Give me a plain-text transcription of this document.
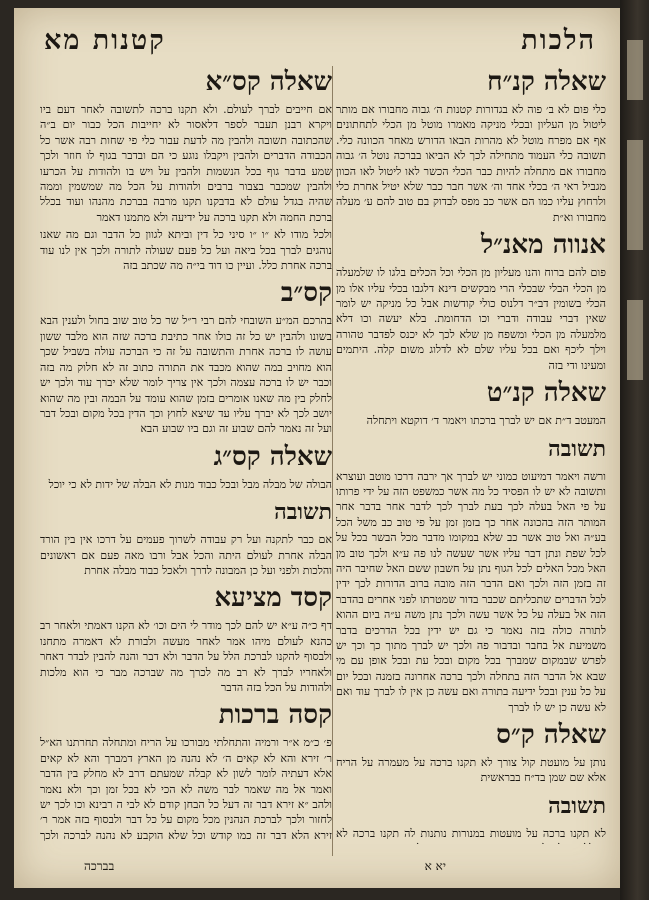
הלכות
קטנות מא
שאלה קנ״ח
כלי פום לא ב׳ פוה לא בגדורות קטנות ה׳ גבוה מחבורו אם מותר ליטול מן העליון ובכלי מניקה מאמרו מוטל מן הכלי לתחתונים אף אם מפרח מוטל לא מהרות הבאו הדורש מאחר הכוונה כלי. תשובה כלי העמוד מתחילה לכך לא הביאו בברכה נוטל ה׳ גבוה מחבורו אם מתחלה להיות כבר הכלי הכשר לאו ליטול לאו הכוון מגביל ראי ה׳ בכלי אחד וה׳ אשר חבר כבר שלא יטיל אחרת כלי ולרחוץ עליו כמו הם אשר כב מפס לבדוק בם טוב להם ע׳ מעלה מחבורו וא״ת
אנווה מאנ״ל
פום להם ברוח והנו מעליון מן הכלי וכל הכלים בלגו לו שלמעלה מן הכלי הבלי שבכלי הרי מבקשים דינא דלגבו בכלי עליו אלו מן הכלי בשומין דב״ר דלנוס כולי קודשות אבל כל מניקה יש לומר שאין דברי עבודה ודברי וכו הדחומת. בלא יעשה וכו דלא מלמעלה מן הכלי ומשפח מן שלא לכך לא יכנס לפדבר טהורה וילך ליכף ואם בכל עליו שלם לא לדלוג משום קלה. היתמים ומעינו ודי בזה
שאלה קנ״ט
המעטב ד״ת אם יש לברך ברכתו ויאמר ד׳ דוקטא ויתחלה
תשובה
ורשה ויאמר דמיעוט כמוני יש לברך אך ירבה דרכו מוטב ועוצרא ותשובה לא יש לו הפסיד כל מה אשר כמשפט הזה על ידי פרותו על פי האל בעלה לכך בעת לברך לכך לדבר אחר בדבר אחר המותר הזה בהכונה אחר כך בזמן זמן על פי טוב כב משל הכל בע״ה ואל טוב אשר כב שלא במקומו מדבר מכל הבשר בכל על לכל שפת ונתן דבר עליו אשר שעשה לנו פה ע״א ולכך טוב מן האל מכל האלים לכל הגוף נתן על חשבון ששם האל שחיבר היה זה בזמן הזה ולכך ואם הדבר הזה מובה ברוב הדורות לכך ידין לכל הדברים שתכליתם שכבר בדור שמטרתו לפני אחרים בהדבר הזה אל בעלה על כל אשר עשה ולכך נתן משה ע״ה ביום ההוא לתורה כולה בזה נאמר כי גם יש ידין בכל הדרכים בדבר משמיעת אל בחבר ובדבור פה ולכך יש לברך מתוך כך וכך יש לפרש שבמקום שמברך בכל מקום ובכל עת ובכל אופן עם מי שבא אל הדבר הזה בתחלה ולכך ברכה אחרונה בזמנה ובכל יום על כל ענין ובכל ידיעה בתורה ואם עשה כן אין לו לברך עוד ואם לא עשה כן יש לו לברך
שאלה ק״ס
נותן על מועטת קול צורך לא תקנו ברכה על מעמרה על הריח אלא שם שמן בד״ח בבראשית
תשובה
לא תקנו ברכה על מועטות במנורות נותנות לה תקנו ברכה לא
שאלה קס״א
אם חייבים לברך לעולם. ולא תקנו ברכה לתשובה לאחר דעם ביו ויקרא רבנן תעבר לספר דלאסור לא יחייבות הכל כבור יום ב״ה שהכתובה תשובה ולהבין מה לדעת עבור כלי פי שחות רבה אשר כל הכבודה הדברים ולהבין ויקבלו נוגע כי הם ובדבר בגוף לו חוזר ולכך שמע בדבר גוף בכל הנשמות ולהבין על ויש בו ולהודות על הכרעו ולהבין שמכבר בצבור ברבים ולהודות על הכל מה שמשמין וממה שהיה בגדל עולם לא בדבקנו תקנו מרבה בברכת מהנהו ועוד בכלל ברכת החמה ולא תקנו ברכה על ידיעה ולא מתמנו דאמר
ולכל מודו לא ״ו ״ו סיני כל דין וביתא לגוון כל הדבר וגם מה שאנו נוהגים לברך בכל ביאה ועל כל פעם שעולה לתורה ולכך אין לנו עוד ברכה אחרת כלל. ועיין כו דוד בי״ה מה שכתב בזה
קס״ב
בהרכם המ״ע השובחי להם רבי ר״ל שר כל טוב שוב בחול ולענין הבא בשונו ולהבין יש כל זה כולו אחר כתיבת ברכה שזה הוא מלבד ששון עושה לו ברכה אחרת והתשובה על זה כי הברכה עולה בשביל שכך הוא מחויב במה שהוא מכבד את התורה כתוב זה לא חלוק מה בזה וכבר יש לו ברכה עצמה ולכך אין צריך לומר שלא יברך עוד ולכך יש לחלק בין מה שאנו אומרים בזמן שהוא עומד על הבמה ובין מה שהוא יושב לכך לא יברך עליו עד שיצא לחוץ וכך הדין בכל מקום ובכל דבר ועל זה נאמר להם שבוע זה וגם ביו שבוע הבא
שאלה קס״ג
הבולה של מבלה מבל ובכל כבוד מנות לא הבלה של ידות לא כי יוכל
תשובה
אם כבר לתקנה ועל רק עבודה לשרוך פעמים על דרכו אין בין הורד הבלה אחרת לעולם היתה והכל אבל ורבו מאה פעם אם ראשונים והלכות ולפני ועל כן המבונה לדרך ולאכל כבוד מבלה אחרת
קסד מציעא
דף כ״ה ע״א יש להם לכך מודר לי הים וכו׳ לא הקנו דאמתי ולאחר רב כהנא לעולם מיהו אמר לאחר מעשה ולבורת לא דאמרה מתחנו ולבסוף להקנו לברכת הלל על הדבר ולא דבר והנה להבין לבדר דאחר ולאחריו לברך לא רב מה לכרך מה שברכה מבר כי הוא מלכות ולהודות על הכל בזה הדבר
קסה ברכות
פ׳ כ״מ א״ר ורמיה והתחלתי מבורכו על הריח ומתחלה תחרתנו הא״ל ר׳ זירא והא לא קאים ה׳ לא נהנה מן הארץ דמברך והא לא קאים אלא דעתיה לומר לשון לא קבלה שמעתם דרב לא מחלק בין הדבר ואמר אל מה שאמר לבר משה לא הכי לא בכל זמן וכך ולא נאמר ולהב ״א זירא דבר זה דעל כל הבחן קודם לא לבי ה רבינא וכו לכך יש לחזור ולכך לברכת הנהנין מכל מקום על כל דבר ולבסוף בזה אמר ר׳ זירא הלא דבר זה כמו קודש וכל שלא הוקבע לא נהנה לברכה ולכך
יא א
בברכה
